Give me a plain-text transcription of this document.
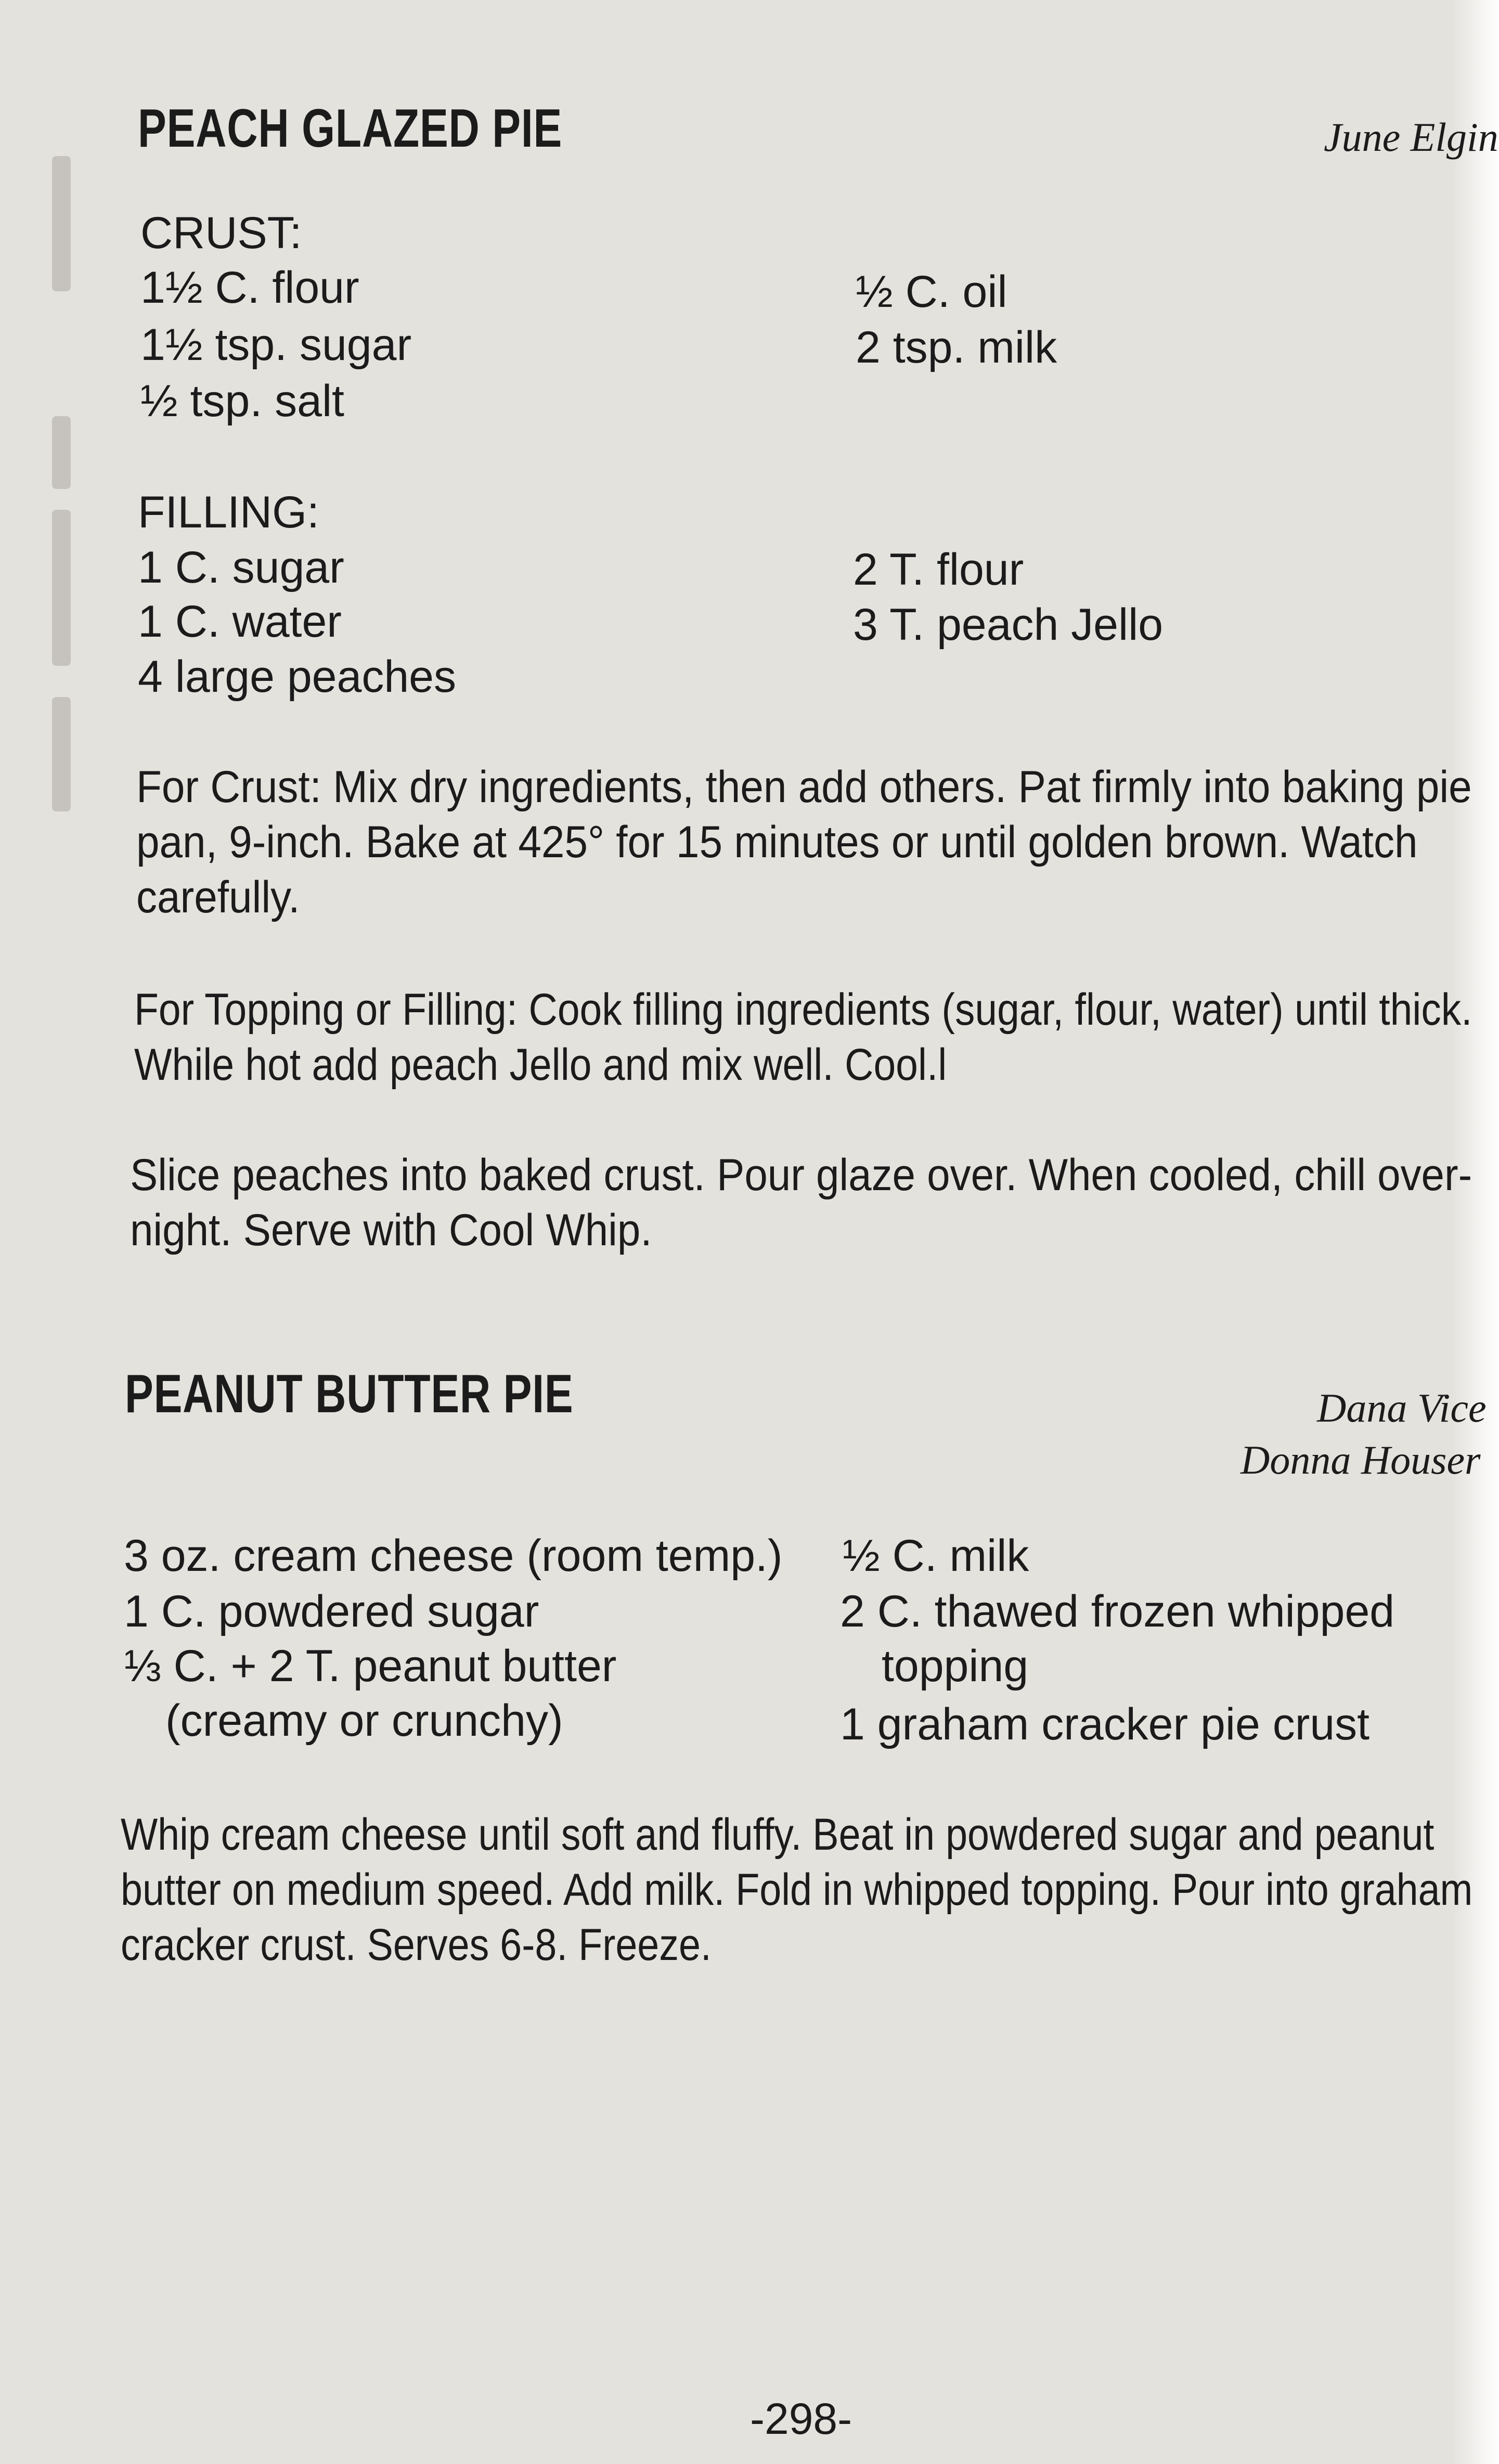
PEACH GLAZED PIE	June Elgin
CRUST:
1½ C. flour
1½ tsp. sugar
½ tsp. salt
½ C. oil
2 tsp. milk
FILLING:
1 C. sugar
1 C. water
4 large peaches
2 T. flour
3 T. peach Jello
For Crust: Mix dry ingredients, then add others. Pat firmly into baking pie
pan, 9-inch. Bake at 425° for 15 minutes or until golden brown. Watch
carefully.
For Topping or Filling: Cook filling ingredients (sugar, flour, water) until thick.
While hot add peach Jello and mix well. Cool.l
Slice peaches into baked crust. Pour glaze over. When cooled, chill over-
night. Serve with Cool Whip.
PEANUT BUTTER PIE	Dana Vice
Donna Houser
3 oz. cream cheese (room temp.)
1 C. powdered sugar
⅓ C. + 2 T. peanut butter
(creamy or crunchy)
½ C. milk
2 C. thawed frozen whipped
topping
1 graham cracker pie crust
Whip cream cheese until soft and fluffy. Beat in powdered sugar and peanut
butter on medium speed. Add milk. Fold in whipped topping. Pour into graham
cracker crust. Serves 6-8. Freeze.
-298-
